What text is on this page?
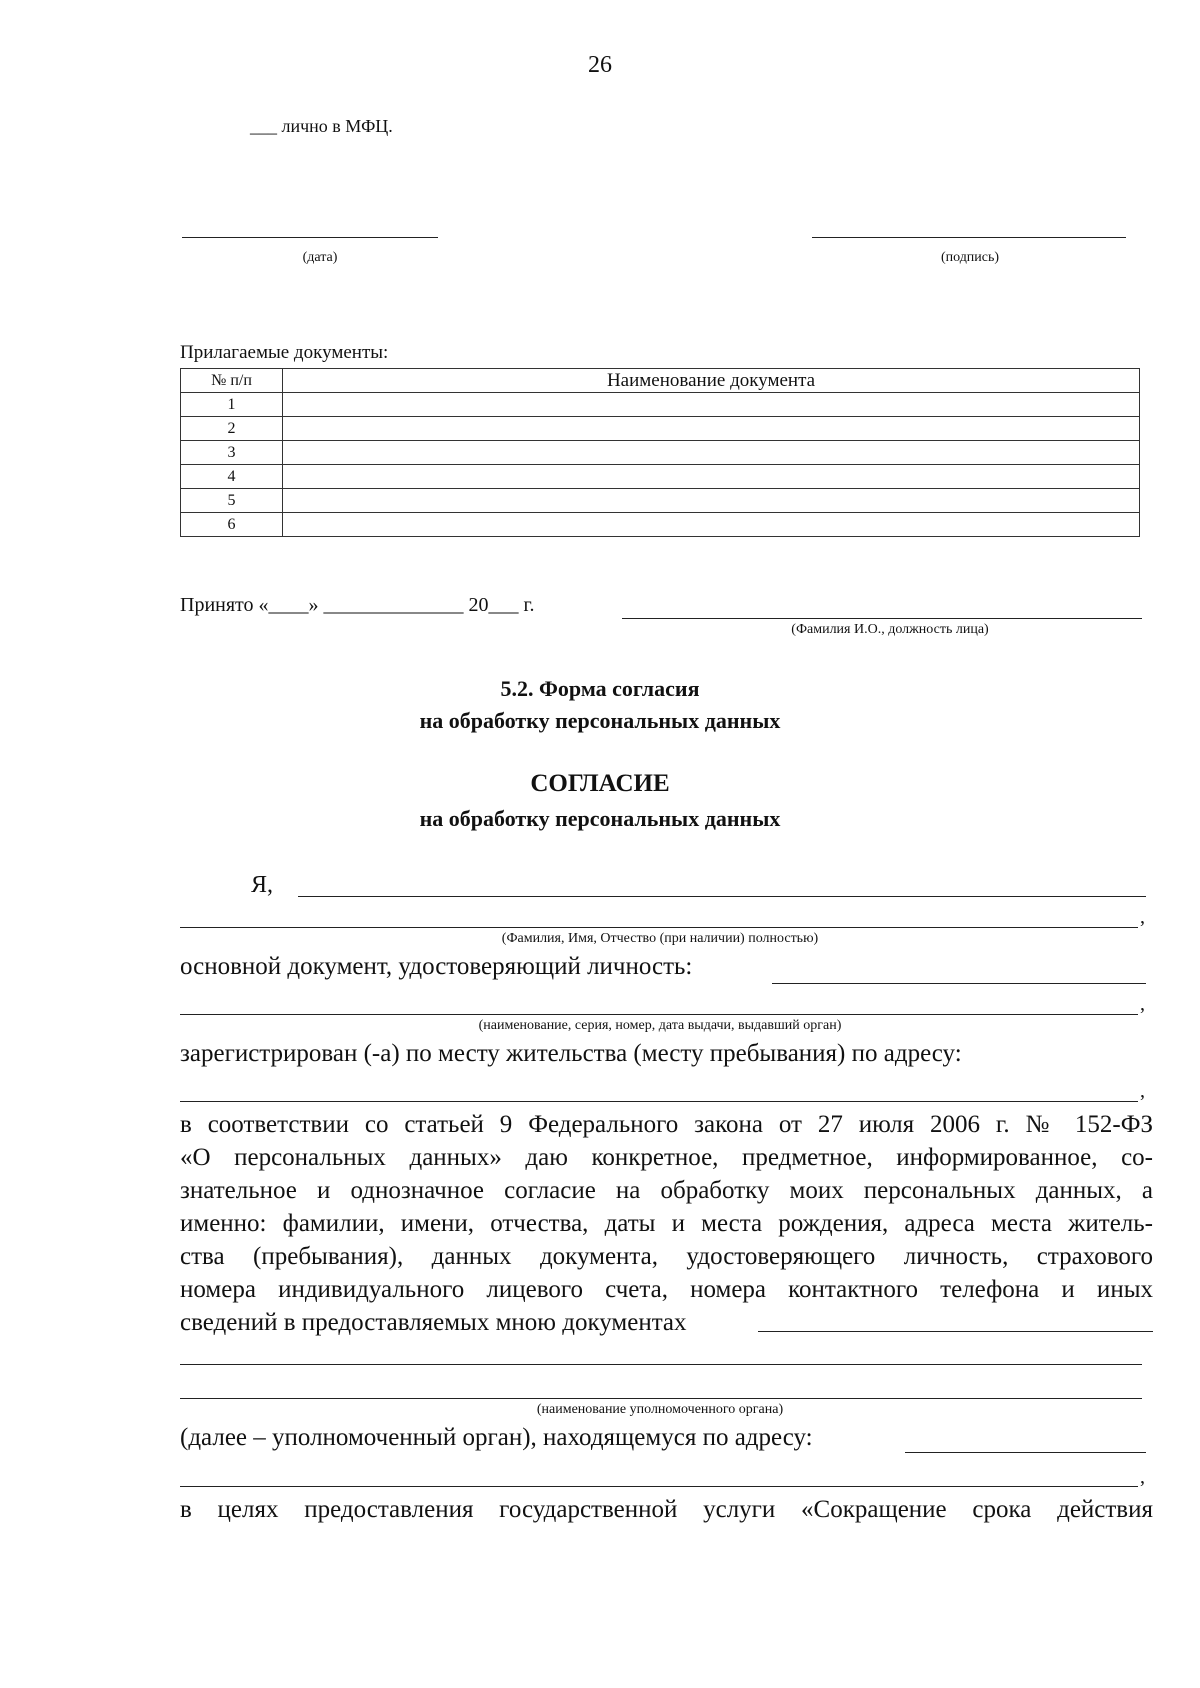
26
___ лично в МФЦ.
(дата)	(подпись)
Прилагаемые документы:
№ п/п	Наименование документа
1	
2	
3	
4	
5	
6	
Принято «____» ______________ 20___ г.
(Фамилия И.О., должность лица)
5.2. Форма согласия
на обработку персональных данных
СОГЛАСИЕ
на обработку персональных данных
Я,
,
(Фамилия, Имя, Отчество (при наличии) полностью)
основной документ, удостоверяющий личность:
,
(наименование, серия, номер, дата выдачи, выдавший орган)
зарегистрирован (-а) по месту жительства (месту пребывания) по адресу:
,
в соответствии со статьей 9 Федерального закона от 27 июля 2006 г. № 152-ФЗ
«О персональных данных» даю конкретное, предметное, информированное, со-
знательное и однозначное согласие на обработку моих персональных данных, а
именно: фамилии, имени, отчества, даты и места рождения, адреса места житель-
ства (пребывания), данных документа, удостоверяющего личность, страхового
номера индивидуального лицевого счета, номера контактного телефона и иных
сведений в предоставляемых мною документах
(наименование уполномоченного органа)
(далее – уполномоченный орган), находящемуся по адресу:
,
в целях предоставления государственной услуги «Сокращение срока действия
